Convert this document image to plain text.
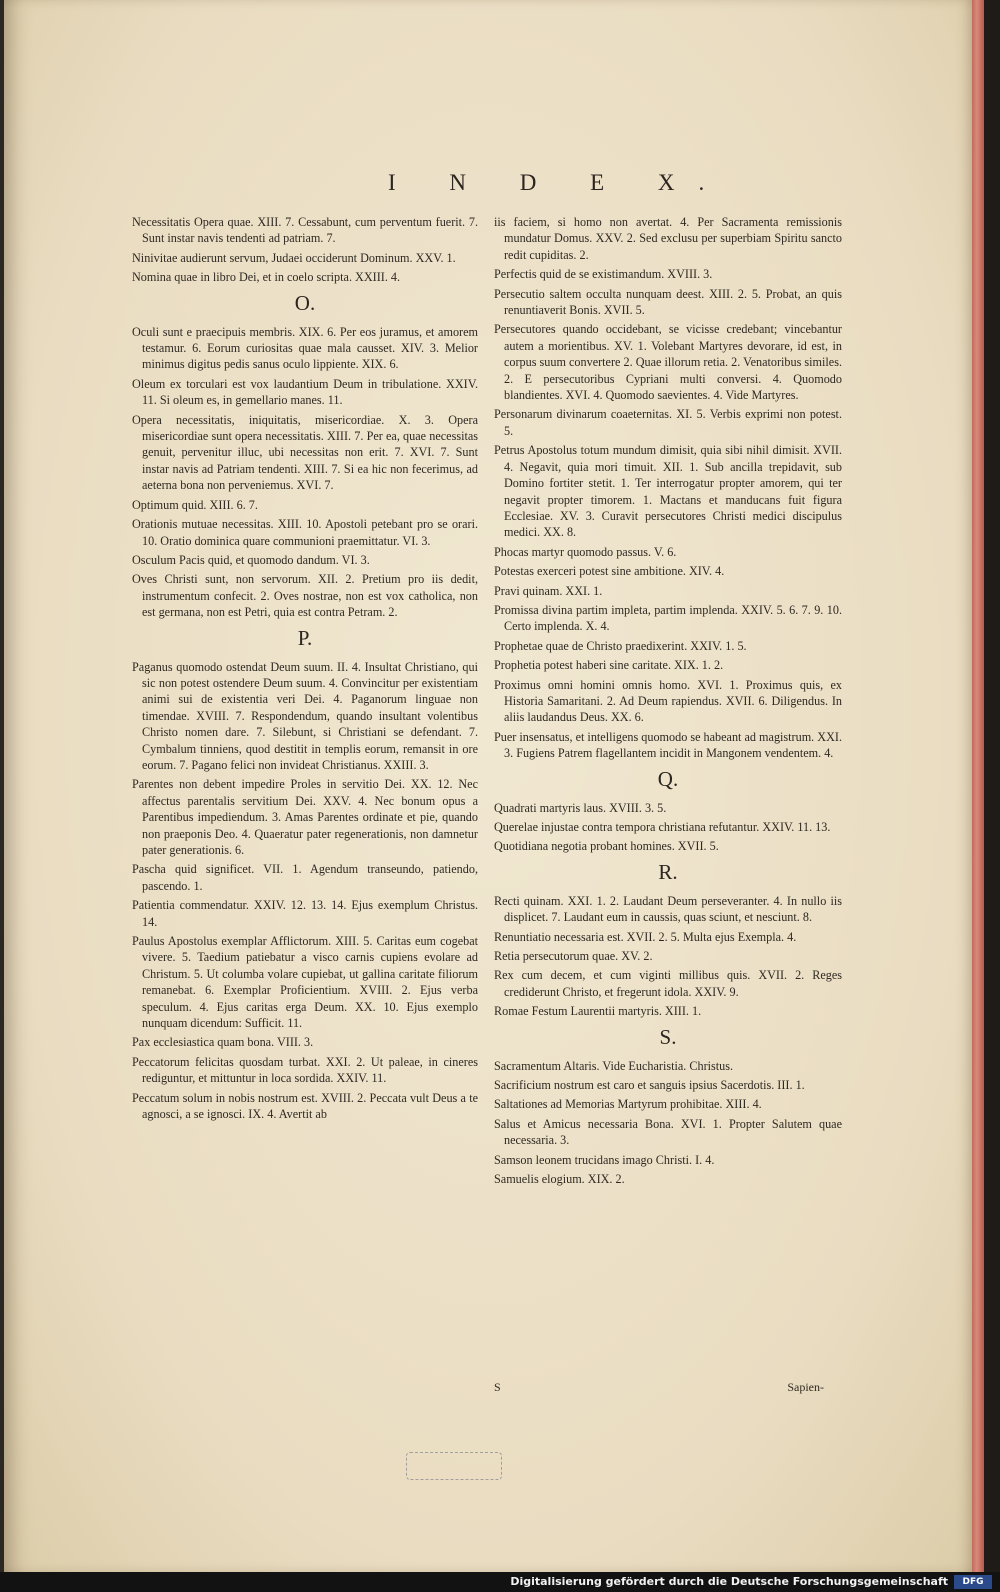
I N D E X.
Necessitatis Opera quae. XIII. 7. Cessabunt, cum perventum fuerit. 7. Sunt instar navis tendenti ad patriam. 7.
Ninivitae audierunt servum, Judaei occiderunt Dominum. XXV. 1.
Nomina quae in libro Dei, et in coelo scripta. XXIII. 4.
O.
Oculi sunt e praecipuis membris. XIX. 6. Per eos juramus, et amorem testamur. 6. Eorum curiositas quae mala causset. XIV. 3. Melior minimus digitus pedis sanus oculo lippiente. XIX. 6.
Oleum ex torculari est vox laudantium Deum in tribulatione. XXIV. 11. Si oleum es, in gemellario manes. 11.
Opera necessitatis, iniquitatis, misericordiae. X. 3. Opera misericordiae sunt opera necessitatis. XIII. 7. Per ea, quae necessitas genuit, pervenitur illuc, ubi necessitas non erit. 7. XVI. 7. Sunt instar navis ad Patriam tendenti. XIII. 7. Si ea hic non fecerimus, ad aeterna bona non perveniemus. XVI. 7.
Optimum quid. XIII. 6. 7.
Orationis mutuae necessitas. XIII. 10. Apostoli petebant pro se orari. 10. Oratio dominica quare communioni praemittatur. VI. 3.
Osculum Pacis quid, et quomodo dandum. VI. 3.
Oves Christi sunt, non servorum. XII. 2. Pretium pro iis dedit, instrumentum confecit. 2. Oves nostrae, non est vox catholica, non est germana, non est Petri, quia est contra Petram. 2.
P.
Paganus quomodo ostendat Deum suum. II. 4. Insultat Christiano, qui sic non potest ostendere Deum suum. 4. Convincitur per existentiam animi sui de existentia veri Dei. 4. Paganorum linguae non timendae. XVIII. 7. Respondendum, quando insultant volentibus Christo nomen dare. 7. Silebunt, si Christiani se defendant. 7. Cymbalum tinniens, quod destitit in templis eorum, remansit in ore eorum. 7. Pagano felici non invideat Christianus. XXIII. 3.
Parentes non debent impedire Proles in servitio Dei. XX. 12. Nec affectus parentalis servitium Dei. XXV. 4. Nec bonum opus a Parentibus impediendum. 3. Amas Parentes ordinate et pie, quando non praeponis Deo. 4. Quaeratur pater regenerationis, non damnetur pater generationis. 6.
Pascha quid significet. VII. 1. Agendum transeundo, patiendo, pascendo. 1.
Patientia commendatur. XXIV. 12. 13. 14. Ejus exemplum Christus. 14.
Paulus Apostolus exemplar Afflictorum. XIII. 5. Caritas eum cogebat vivere. 5. Taedium patiebatur a visco carnis cupiens evolare ad Christum. 5. Ut columba volare cupiebat, ut gallina caritate filiorum remanebat. 6. Exemplar Proficientium. XVIII. 2. Ejus verba speculum. 4. Ejus caritas erga Deum. XX. 10. Ejus exemplo nunquam dicendum: Sufficit. 11.
Pax ecclesiastica quam bona. VIII. 3.
Peccatorum felicitas quosdam turbat. XXI. 2. Ut paleae, in cineres rediguntur, et mittuntur in loca sordida. XXIV. 11.
Peccatum solum in nobis nostrum est. XVIII. 2. Peccata vult Deus a te agnosci, a se ignosci. IX. 4. Avertit ab
iis faciem, si homo non avertat. 4. Per Sacramenta remissionis mundatur Domus. XXV. 2. Sed exclusu per superbiam Spiritu sancto redit cupiditas. 2.
Perfectis quid de se existimandum. XVIII. 3.
Persecutio saltem occulta nunquam deest. XIII. 2. 5. Probat, an quis renuntiaverit Bonis. XVII. 5.
Persecutores quando occidebant, se vicisse credebant; vincebantur autem a morientibus. XV. 1. Volebant Martyres devorare, id est, in corpus suum convertere 2. Quae illorum retia. 2. Venatoribus similes. 2. E persecutoribus Cypriani multi conversi. 4. Quomodo blandientes. XVI. 4. Quomodo saevientes. 4. Vide Martyres.
Personarum divinarum coaeternitas. XI. 5. Verbis exprimi non potest. 5.
Petrus Apostolus totum mundum dimisit, quia sibi nihil dimisit. XVII. 4. Negavit, quia mori timuit. XII. 1. Sub ancilla trepidavit, sub Domino fortiter stetit. 1. Ter interrogatur propter amorem, qui ter negavit propter timorem. 1. Mactans et manducans fuit figura Ecclesiae. XV. 3. Curavit persecutores Christi medici discipulus medici. XX. 8.
Phocas martyr quomodo passus. V. 6.
Potestas exerceri potest sine ambitione. XIV. 4.
Pravi quinam. XXI. 1.
Promissa divina partim impleta, partim implenda. XXIV. 5. 6. 7. 9. 10. Certo implenda. X. 4.
Prophetae quae de Christo praedixerint. XXIV. 1. 5.
Prophetia potest haberi sine caritate. XIX. 1. 2.
Proximus omni homini omnis homo. XVI. 1. Proximus quis, ex Historia Samaritani. 2. Ad Deum rapiendus. XVII. 6. Diligendus. In aliis laudandus Deus. XX. 6.
Puer insensatus, et intelligens quomodo se habeant ad magistrum. XXI. 3. Fugiens Patrem flagellantem incidit in Mangonem vendentem. 4.
Q.
Quadrati martyris laus. XVIII. 3. 5.
Querelae injustae contra tempora christiana refutantur. XXIV. 11. 13.
Quotidiana negotia probant homines. XVII. 5.
R.
Recti quinam. XXI. 1. 2. Laudant Deum perseveranter. 4. In nullo iis displicet. 7. Laudant eum in caussis, quas sciunt, et nesciunt. 8.
Renuntiatio necessaria est. XVII. 2. 5. Multa ejus Exempla. 4.
Retia persecutorum quae. XV. 2.
Rex cum decem, et cum viginti millibus quis. XVII. 2. Reges crediderunt Christo, et fregerunt idola. XXIV. 9.
Romae Festum Laurentii martyris. XIII. 1.
S.
Sacramentum Altaris. Vide Eucharistia. Christus.
Sacrificium nostrum est caro et sanguis ipsius Sacerdotis. III. 1.
Saltationes ad Memorias Martyrum prohibitae. XIII. 4.
Salus et Amicus necessaria Bona. XVI. 1. Propter Salutem quae necessaria. 3.
Samson leonem trucidans imago Christi. I. 4.
Samuelis elogium. XIX. 2.
S	Sapien-
Digitalisierung gefördert durch die Deutsche Forschungsgemeinschaft	DFG
